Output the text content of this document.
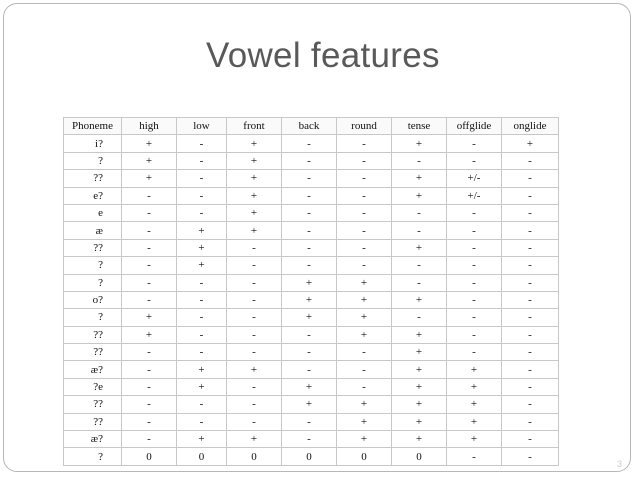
Vowel features
Phoneme	high	low	front	back	round	tense	offglide	onglide
i?	+	-	+	-	-	+	-	+
?	+	-	+	-	-	-	-	-
??	+	-	+	-	-	+	+/-	-
e?	-	-	+	-	-	+	+/-	-
e	-	-	+	-	-	-	-	-
æ	-	+	+	-	-	-	-	-
??	-	+	-	-	-	+	-	-
?	-	+	-	-	-	-	-	-
?	-	-	-	+	+	-	-	-
o?	-	-	-	+	+	+	-	-
?	+	-	-	+	+	-	-	-
??	+	-	-	-	+	+	-	-
??	-	-	-	-	-	+	-	-
æ?	-	+	+	-	-	+	+	-
?e	-	+	-	+	-	+	+	-
??	-	-	-	+	+	+	+	-
??	-	-	-	-	+	+	+	-
æ?	-	+	+	-	+	+	+	-
?	0	0	0	0	0	0	-	-
3
